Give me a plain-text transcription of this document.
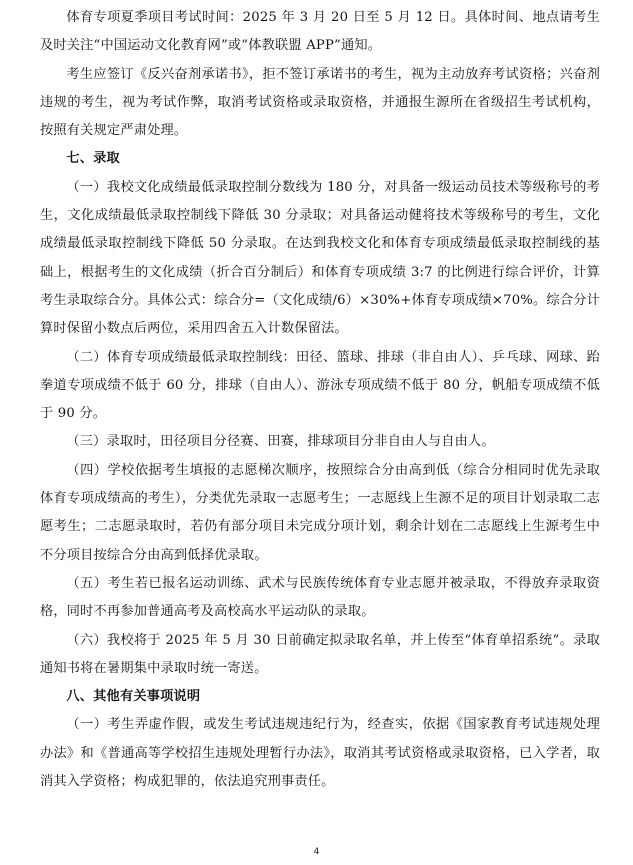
体育专项夏季项目考试时间：2025 年 3 月 20 日至 5 月 12 日。具体时间、地点请考生及时关注“中国运动文化教育网”或“体教联盟 APP”通知。

考生应签订《反兴奋剂承诺书》，拒不签订承诺书的考生，视为主动放弃考试资格；兴奋剂违规的考生，视为考试作弊，取消考试资格或录取资格，并通报生源所在省级招生考试机构，按照有关规定严肃处理。

七、录取

（一）我校文化成绩最低录取控制分数线为 180 分，对具备一级运动员技术等级称号的考生，文化成绩最低录取控制线下降低 30 分录取；对具备运动健将技术等级称号的考生，文化成绩最低录取控制线下降低 50 分录取。在达到我校文化和体育专项成绩最低录取控制线的基础上，根据考生的文化成绩（折合百分制后）和体育专项成绩 3:7 的比例进行综合评价，计算考生录取综合分。具体公式：综合分=（文化成绩/6）×30%+体育专项成绩×70%。综合分计算时保留小数点后两位，采用四舍五入计数保留法。

（二）体育专项成绩最低录取控制线：田径、篮球、排球（非自由人）、乒乓球、网球、跆拳道专项成绩不低于 60 分，排球（自由人）、游泳专项成绩不低于 80 分，帆船专项成绩不低于 90 分。

（三）录取时，田径项目分径赛、田赛，排球项目分非自由人与自由人。

（四）学校依据考生填报的志愿梯次顺序，按照综合分由高到低（综合分相同时优先录取体育专项成绩高的考生），分类优先录取一志愿考生；一志愿线上生源不足的项目计划录取二志愿考生；二志愿录取时，若仍有部分项目未完成分项计划，剩余计划在二志愿线上生源考生中不分项目按综合分由高到低择优录取。

（五）考生若已报名运动训练、武术与民族传统体育专业志愿并被录取，不得放弃录取资格，同时不再参加普通高考及高校高水平运动队的录取。

（六）我校将于 2025 年 5 月 30 日前确定拟录取名单，并上传至“体育单招系统”。录取通知书将在暑期集中录取时统一寄送。

八、其他有关事项说明

（一）考生弄虚作假，或发生考试违规违纪行为，经查实，依据《国家教育考试违规处理办法》和《普通高等学校招生违规处理暂行办法》，取消其考试资格或录取资格，已入学者，取消其入学资格；构成犯罪的，依法追究刑事责任。

4
